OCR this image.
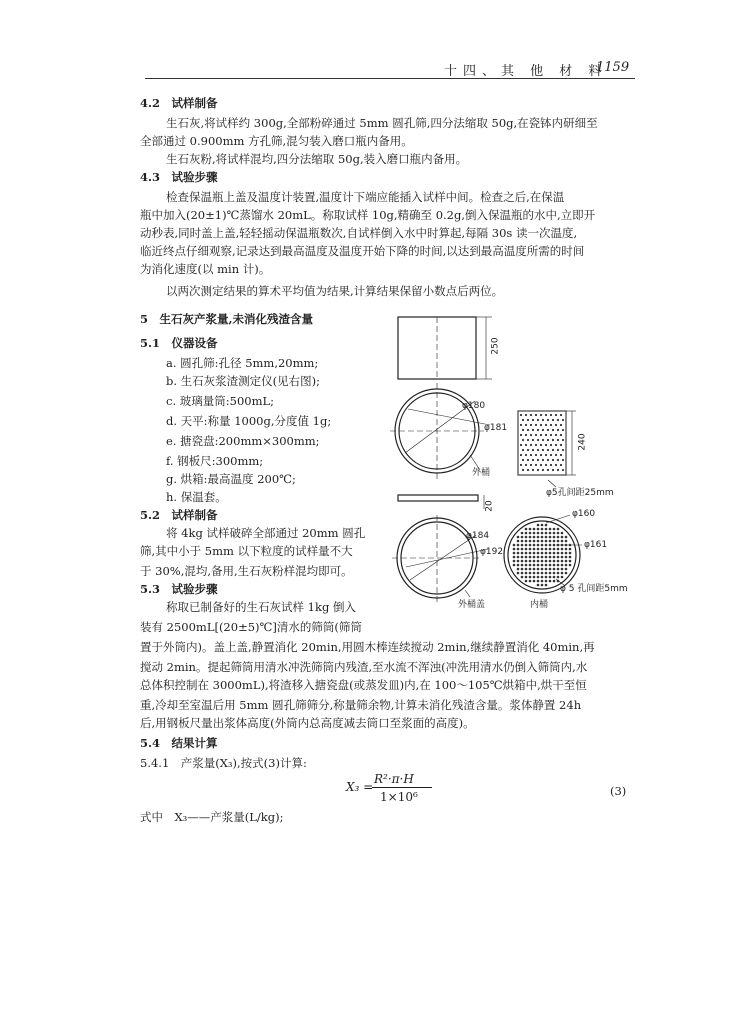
十四、其 他 材 料
1159
4.2　试样制备
生石灰,将试样约 300g,全部粉碎通过 5mm 圆孔筛,四分法缩取 50g,在瓷钵内研细至
全部通过 0.900mm 方孔筛,混匀装入磨口瓶内备用。
生石灰粉,将试样混均,四分法缩取 50g,装入磨口瓶内备用。
4.3　试验步骤
检查保温瓶上盖及温度计装置,温度计下端应能插入试样中间。检查之后,在保温
瓶中加入(20±1)℃蒸馏水 20mL。称取试样 10g,精确至 0.2g,倒入保温瓶的水中,立即开
动秒表,同时盖上盖,轻轻摇动保温瓶数次,自试样倒入水中时算起,每隔 30s 读一次温度,
临近终点仔细观察,记录达到最高温度及温度开始下降的时间,以达到最高温度所需的时间
为消化速度(以 min 计)。
以两次测定结果的算术平均值为结果,计算结果保留小数点后两位。
5　生石灰产浆量,未消化残渣含量
5.1　仪器设备
a. 圆孔筛:孔径 5mm,20mm;
b. 生石灰浆渣测定仪(见右图);
c. 玻璃量筒:500mL;
d. 天平:称量 1000g,分度值 1g;
e. 搪瓷盘:200mm×300mm;
f. 钢板尺:300mm;
g. 烘箱:最高温度 200℃;
h. 保温套。
5.2　试样制备
将 4kg 试样破碎全部通过 20mm 圆孔
筛,其中小于 5mm 以下粒度的试样量不大
于 30%,混均,备用,生石灰粉样混均即可。
5.3　试验步骤
称取已制备好的生石灰试样 1kg 倒入
装有 2500mL[(20±5)℃]清水的筛筒(筛筒
置于外筒内)。盖上盖,静置消化 20min,用圆木棒连续搅动 2min,继续静置消化 40min,再
搅动 2min。提起筛筒用清水冲洗筛筒内残渣,至水流不浑浊(冲洗用清水仍倒入筛筒内,水
总体积控制在 3000mL),将渣移入搪瓷盘(或蒸发皿)内,在 100～105℃烘箱中,烘干至恒
重,冷却至室温后用 5mm 圆孔筛筛分,称量筛余物,计算未消化残渣含量。浆体静置 24h
后,用钢板尺量出浆体高度(外筒内总高度减去筒口至浆面的高度)。
5.4　结果计算
5.4.1　产浆量(X₃),按式(3)计算:
X₃ =
R²·π·H
1×10⁶	(3)
式中　X₃——产浆量(L/kg);
250
φ180
φ181
外桶
20
φ184
φ192
外桶盖
240
φ5孔间距25mm
φ160
φ161
φ 5 孔间距5mm
内桶
